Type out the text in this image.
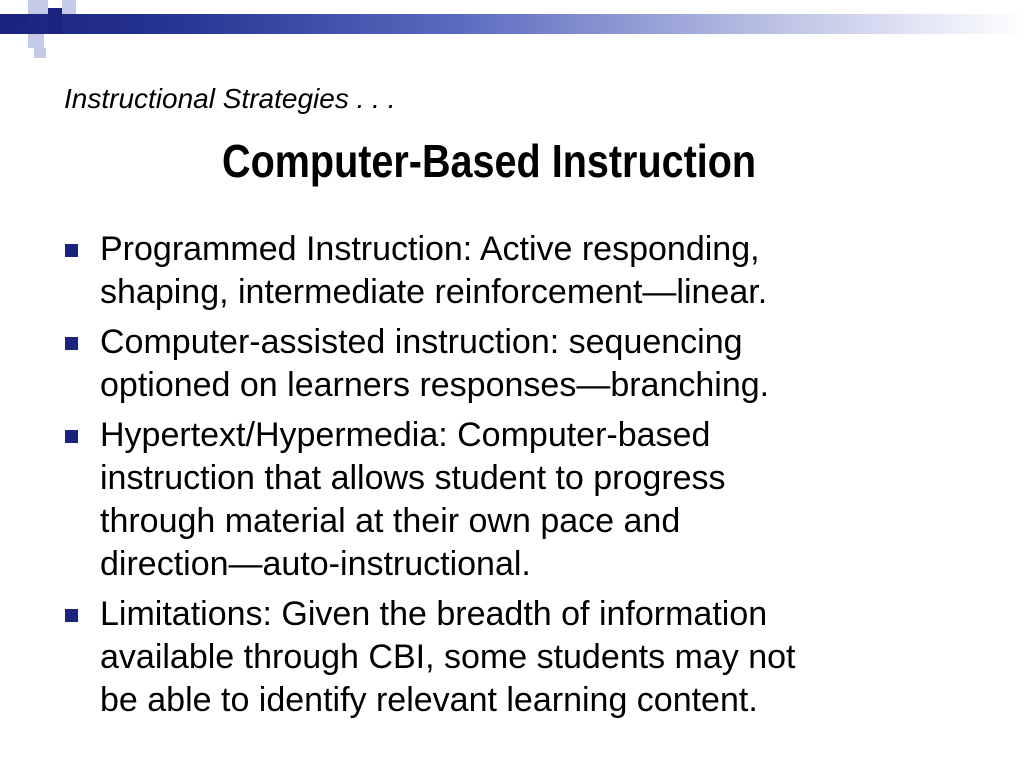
Instructional Strategies . . .
Computer-Based Instruction
Programmed Instruction: Active responding,
shaping, intermediate reinforcement—linear.
Computer-assisted instruction: sequencing
optioned on learners responses—branching.
Hypertext/Hypermedia: Computer-based
instruction that allows student to progress
through material at their own pace and
direction—auto-instructional.
Limitations: Given the breadth of information
available through CBI, some students may not
be able to identify relevant learning content.
